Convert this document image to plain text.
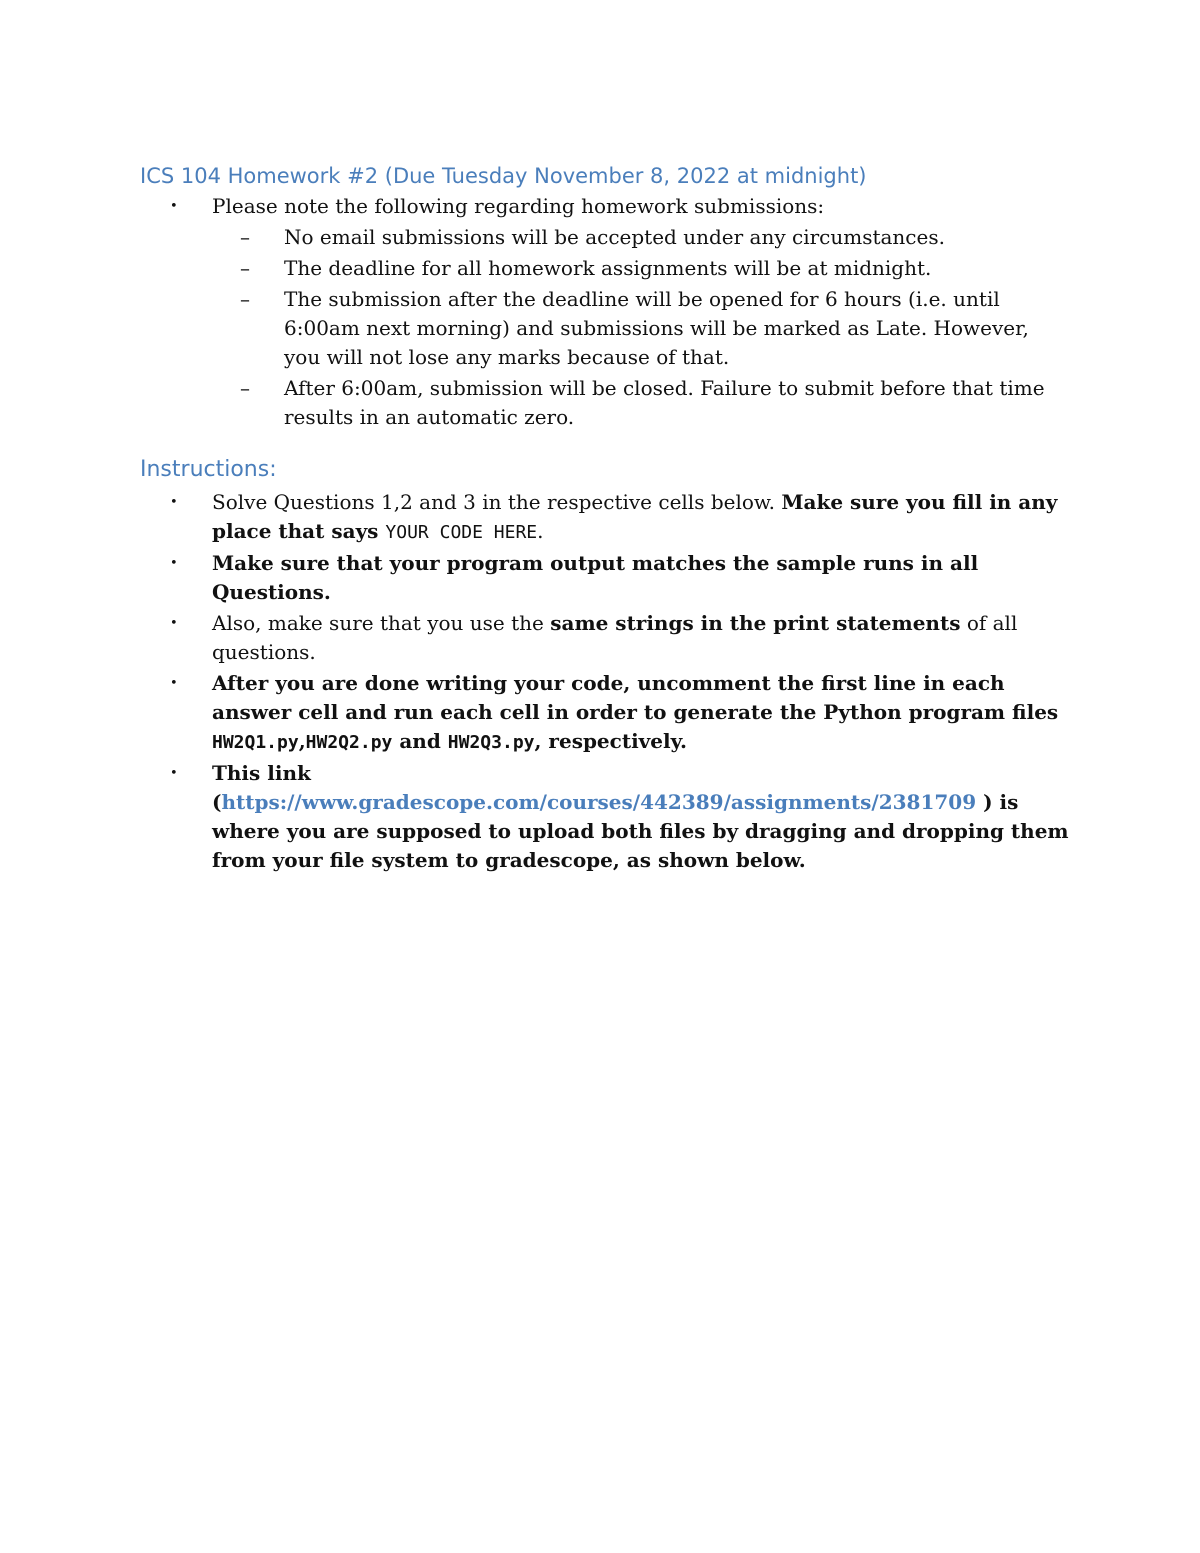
ICS 104 Homework #2 (Due Tuesday November 8, 2022 at midnight)
• Please note the following regarding homework submissions:
– No email submissions will be accepted under any circumstances.
– The deadline for all homework assignments will be at midnight.
– The submission after the deadline will be opened for 6 hours (i.e. until 6:00am next morning) and submissions will be marked as Late. However, you will not lose any marks because of that.
– After 6:00am, submission will be closed. Failure to submit before that time results in an automatic zero.
Instructions:
• Solve Questions 1,2 and 3 in the respective cells below. Make sure you fill in any place that says YOUR CODE HERE.
• Make sure that your program output matches the sample runs in all Questions.
• Also, make sure that you use the same strings in the print statements of all questions.
• After you are done writing your code, uncomment the first line in each answer cell and run each cell in order to generate the Python program files HW2Q1.py,HW2Q2.py and HW2Q3.py, respectively.
• This link
(https://www.gradescope.com/courses/442389/assignments/2381709 ) is where you are supposed to upload both files by dragging and dropping them from your file system to gradescope, as shown below.
